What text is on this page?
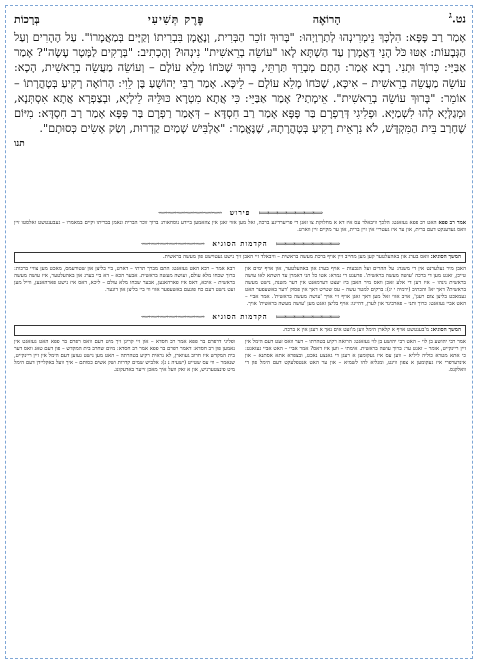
נט.$^ג$
הָרוֹאֶה
פֶּרֶק תְּשִׁיעִי
בְּרָכוֹת
אָמַר רַב פָּפָּא: הִלְכָּךְ נֵימְרִינְהוּ לְתַרְוַיְהוּ: "בָּרוּךְ זוֹכֵר הַבְּרִית, וְנֶאֱמָן בִּבְרִיתוֹ וְקַיָּים בְּמַאֲמָרוֹ". עַל הֶהָרִים וְעַל הַגְּבָעוֹת: אַטּוּ כֹּל הָנֵי דַּאֲמָרַן עַד הַשְׁתָּא לָאו "עוֹשֵׂה בְרֵאשִׁית" נִינְהוּ? וְהָכְתִיב: "בְּרָקִים לַמָּטָר עָשָׂה"? אָמַר אַבַּיֵּי: כְּרוֹךְ וּתְנִי. רָבָא אָמַר: הָתָם מְבָרֵךְ תַּרְתֵּי, בָּרוּךְ שֶׁכֹּחוֹ מָלֵא עוֹלָם – וְעוֹשֵׂה מַעֲשֵׂה בְרֵאשִׁית, הָכָא: עוֹשֵׂה מַעֲשֵׂה בְרֵאשִׁית – אִיכָּא, שֶׁכֹּחוֹ מָלֵא עוֹלָם – לֵיכָּא. אָמַר רַבִּי יְהוֹשֻׁעַ בֶּן לֵוִי: הָרוֹאֶה רָקִיעַ בְּטָהֳרָתוֹ – אוֹמֵר: "בָּרוּךְ עוֹשֵׂה בְרֵאשִׁית". אֵימָתַי? אָמַר אַבַּיֵּי: כִּי אֲתָא מִטְרָא כּוּלֵּיהּ לֵילְיָא, וּבְצַפְרָא אֲתָא אִסְתְּנָא, וּמְגַלְּיָא לְהוּ לִשְׁמַיָּא. וּפְלִיגִי דְּרַפְרָם בַּר פָּפָּא אָמַר רַב חִסְדָּא – דְּאָמַר רַפְרָם בַּר פָּפָּא אָמַר רַב חִסְדָּא: מִיּוֹם שֶׁחָרַב בֵּית הַמִּקְדָּשׁ, לֹא נִרְאֵית רָקִיעַ בְּטָהֳרָתָהּ, שֶׁנֶּאֱמַר: "אַלְבִּישׁ שָׁמַיִם קַדְרוּת, וְשַׂק אָשִׂים כְּסוּתָם".
תנו
⟾⟾⟾⟾⟾⟾⟾ פירוש ⟿⟿⟿⟿⟿⟿⟿
אמר רב פפא האט רב פפא געזאגט: הלכך וויבאלד עס איז דא א מחלוקת צו זאגן די פריערדיגע ברכה, זאל מען אזוי זאגן אין צוזאמען ביידע נוסחאות: ברוך זוכר הברית ונאמן בבריתו וקיים במאמרו – געבענטשט זאלסטו זיין וואס געדענקט דעם ברית, און ער איז געטריי אין זיין ברית, און ער מקיים זיין ווארט.
⟾⟾⟾⟾⟾⟾⟾ הקדמות הסוגיא ⟿⟿⟿⟿⟿⟿⟿
המשך הסוגיא: וואס בערג און באהעלטער קען מען מחייב זיין אויף ברכת מעשה בראשית – וויבאלד זיי האבן זיך נישט געטוישט פון מעשה בראשית.
האבן מיר געלערנט אין די משנה: על ההרים ועל הגבעות – אויף בערג און באהעלטער, און אויף ימים און טייכן, זאגט מען די ברכה 'עושה מעשה בראשית'. פרעגט די גמרא: אטו כל הני דאמרן עד השתא לאו עושה בראשית נינהו – איז דען די אלע זאכן וואס מיר האבן ביז יעצט דערמאנט אין דער משנה, נישט מעשה בראשית? דאך יא! והכתיב (ירמיה י יג): ברקים למטר עשה – עס שטייט דאך אין פסוק 'דער באשעפער האט געמאכט בליצן צום רעגן', אויב אזוי זאל מען דאך זאגן אויף זיי אויך 'עושה מעשה בראשית'. אמר אביי – האט אביי געזאגט: כרוך ותני – פארבינד און לערן, דהיינו: אויף בליצן זאגט מען 'עושה מעשה בראשית' אויך.
רבא אמר – רבא האט געזאגט: התם מברך תרתי – דארט, ביי בליצן און שטורעמס, מאכט מען צוויי ברכות: ברוך שכחו מלא עולם, ועושה מעשה בראשית. אבער הכא – דא ביי בערג און באהעלטער, איז עושה מעשה בראשית – איכא, דאס איז פארהאנען, אבער שכחו מלא עולם – ליכא, דאס איז נישט פארהאנען, ווייל מען זעט נישט דעם כח פונעם באשעפער אזוי ווי ביי בליצן און דונער.
⟾⟾⟾⟾⟾⟾⟾ הקדמות הסוגיא ⟿⟿⟿⟿⟿⟿⟿
המשך הסוגיא: מ'בענטשט אויף א קלארן הימל ווען מ'זעט אים נאך א רעגן אין א ברכה.
אמר רבי יהושע בן לוי – האט רבי יהושע בן לוי געזאגט: הרואה רקיע בטהרתו – דער וואס זעט דעם הימל אין זיין ריינקייט, אומר – זאגט ער: ברוך עושה בראשית. אימתי – ווען איז דאס? אמר אביי – האט אביי געזאגט: כי אתא מטרא כוליה ליליא – ווען עס איז געקומען א רעגן די גאנצע נאכט, ובצפרא אתא אסתנא – און אינדערפרי איז געקומען א צפון ווינט, ומגליא להו לשמיא – און ער האט אנטפלעקט דעם הימל פון די וואלקנס.
ופליגי דרפרם בר פפא אמר רב חסדא – און זיי קריגן זיך מיט דעם וואס רפרם בר פפא האט געזאגט אין נאמען פון רב חסדא: דאמר רפרם בר פפא אמר רב חסדא: מיום שחרב בית המקדש – פון דעם טאג וואס דער בית המקדש איז חרוב געווארן, לא נראית רקיע בטהרתה – האט מען נישט געזען דעם הימל אין זיין ריינקייט, שנאמר – ווי עס שטייט (ישעיה נ ג): אלביש שמים קדרות ושק אשים כסותם – איך וועל באקליידן דעם הימל מיט פינצטערניש, און א זאק וועל איך מאכן זייער באדעקונג.
